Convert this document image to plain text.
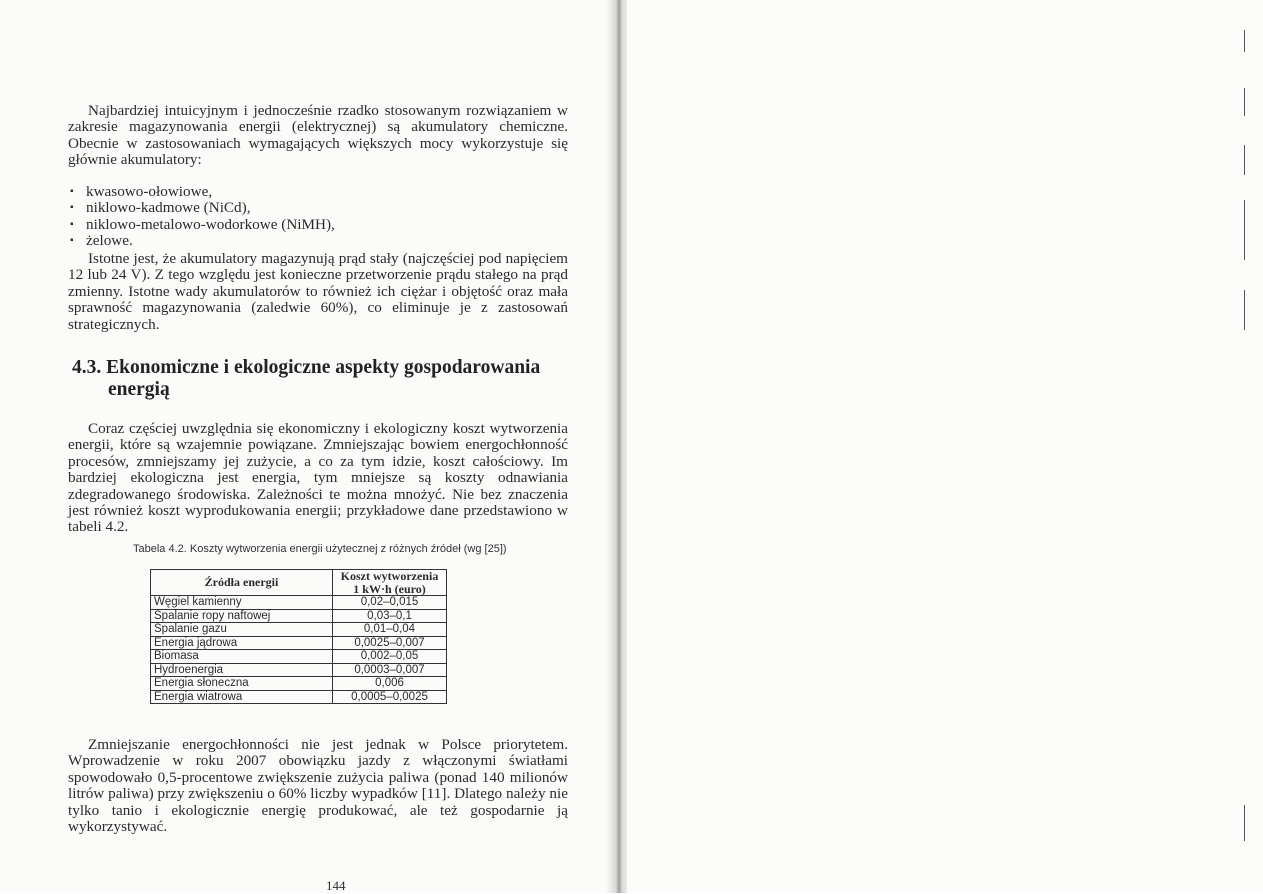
Najbardziej intuicyjnym i jednocześnie rzadko stosowanym rozwiązaniem w zakresie magazynowania energii (elektrycznej) są akumulatory chemiczne. Obecnie w zastosowaniach wymagających większych mocy wykorzystuje się głównie akumulatory:

▪ kwasowo-ołowiowe,
▪ niklowo-kadmowe (NiCd),
▪ niklowo-metalowo-wodorkowe (NiMH),
▪ żelowe.

Istotne jest, że akumulatory magazynują prąd stały (najczęściej pod napięciem 12 lub 24 V). Z tego względu jest konieczne przetworzenie prądu stałego na prąd zmienny. Istotne wady akumulatorów to również ich ciężar i objętość oraz mała sprawność magazynowania (zaledwie 60%), co eliminuje je z zastosowań strategicznych.

4.3. Ekonomiczne i ekologiczne aspekty gospodarowania
energią

Coraz częściej uwzględnia się ekonomiczny i ekologiczny koszt wytworzenia energii, które są wzajemnie powiązane. Zmniejszając bowiem energochłonność procesów, zmniejszamy jej zużycie, a co za tym idzie, koszt całościowy. Im bardziej ekologiczna jest energia, tym mniejsze są koszty odnawiania zdegradowanego środowiska. Zależności te można mnożyć. Nie bez znaczenia jest również koszt wyprodukowania energii; przykładowe dane przedstawiono w tabeli 4.2.

Tabela 4.2. Koszty wytworzenia energii użytecznej z różnych źródeł (wg [25])
Źródła energii	Koszt wytworzenia
1 kW·h (euro)
Węgiel kamienny	0,02–0,015
Spalanie ropy naftowej	0,03–0,1
Spalanie gazu	0,01–0,04
Energia jądrowa	0,0025–0,007
Biomasa	0,002–0,05
Hydroenergia	0,0003–0,007
Energia słoneczna	0,006
Energia wiatrowa	0,0005–0,0025

Zmniejszanie energochłonności nie jest jednak w Polsce priorytetem. Wprowadzenie w roku 2007 obowiązku jazdy z włączonymi światłami spowodowało 0,5-procentowe zwiększenie zużycia paliwa (ponad 140 milionów litrów paliwa) przy zwiększeniu o 60% liczby wypadków [11]. Dlatego należy nie tylko tanio i ekologicznie energię produkować, ale też gospodarnie ją wykorzystywać.

144
